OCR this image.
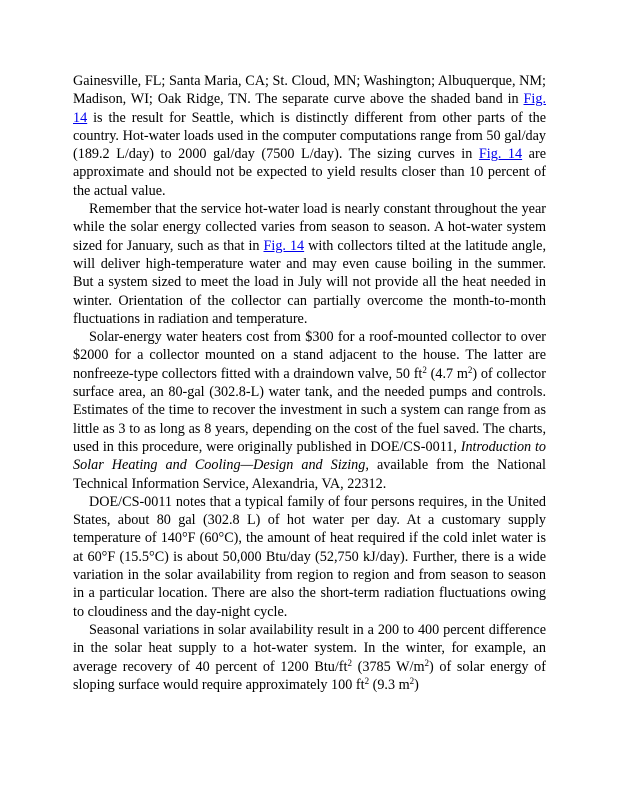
Gainesville, FL; Santa Maria, CA; St. Cloud, MN; Washington; Albuquerque, NM; Madison, WI; Oak Ridge, TN. The separate curve above the shaded band in Fig. 14 is the result for Seattle, which is distinctly different from other parts of the country. Hot-water loads used in the computer computations range from 50 gal/day (189.2 L/day) to 2000 gal/day (7500 L/day). The sizing curves in Fig. 14 are approximate and should not be expected to yield results closer than 10 percent of the actual value.

Remember that the service hot-water load is nearly constant throughout the year while the solar energy collected varies from season to season. A hot-water system sized for January, such as that in Fig. 14 with collectors tilted at the latitude angle, will deliver high-temperature water and may even cause boiling in the summer. But a system sized to meet the load in July will not provide all the heat needed in winter. Orientation of the collector can partially overcome the month-to-month fluctuations in radiation and temperature.

Solar-energy water heaters cost from $300 for a roof-mounted collector to over $2000 for a collector mounted on a stand adjacent to the house. The latter are nonfreeze-type collectors fitted with a draindown valve, 50 $ft^2$ (4.7 $m^2$) of collector surface area, an 80-gal (302.8-L) water tank, and the needed pumps and controls. Estimates of the time to recover the investment in such a system can range from as little as 3 to as long as 8 years, depending on the cost of the fuel saved. The charts, used in this procedure, were originally published in DOE/CS-0011, Introduction to Solar Heating and Cooling—Design and Sizing, available from the National Technical Information Service, Alexandria, VA, 22312.

DOE/CS-0011 notes that a typical family of four persons requires, in the United States, about 80 gal (302.8 L) of hot water per day. At a customary supply temperature of 140°F (60°C), the amount of heat required if the cold inlet water is at 60°F (15.5°C) is about 50,000 Btu/day (52,750 kJ/day). Further, there is a wide variation in the solar availability from region to region and from season to season in a particular location. There are also the short-term radiation fluctuations owing to cloudiness and the day-night cycle.

Seasonal variations in solar availability result in a 200 to 400 percent difference in the solar heat supply to a hot-water system. In the winter, for example, an average recovery of 40 percent of 1200 Btu/$ft^2$ (3785 $W/m^2$) of solar energy of sloping surface would require approximately 100 $ft^2$ (9.3 $m^2$)
